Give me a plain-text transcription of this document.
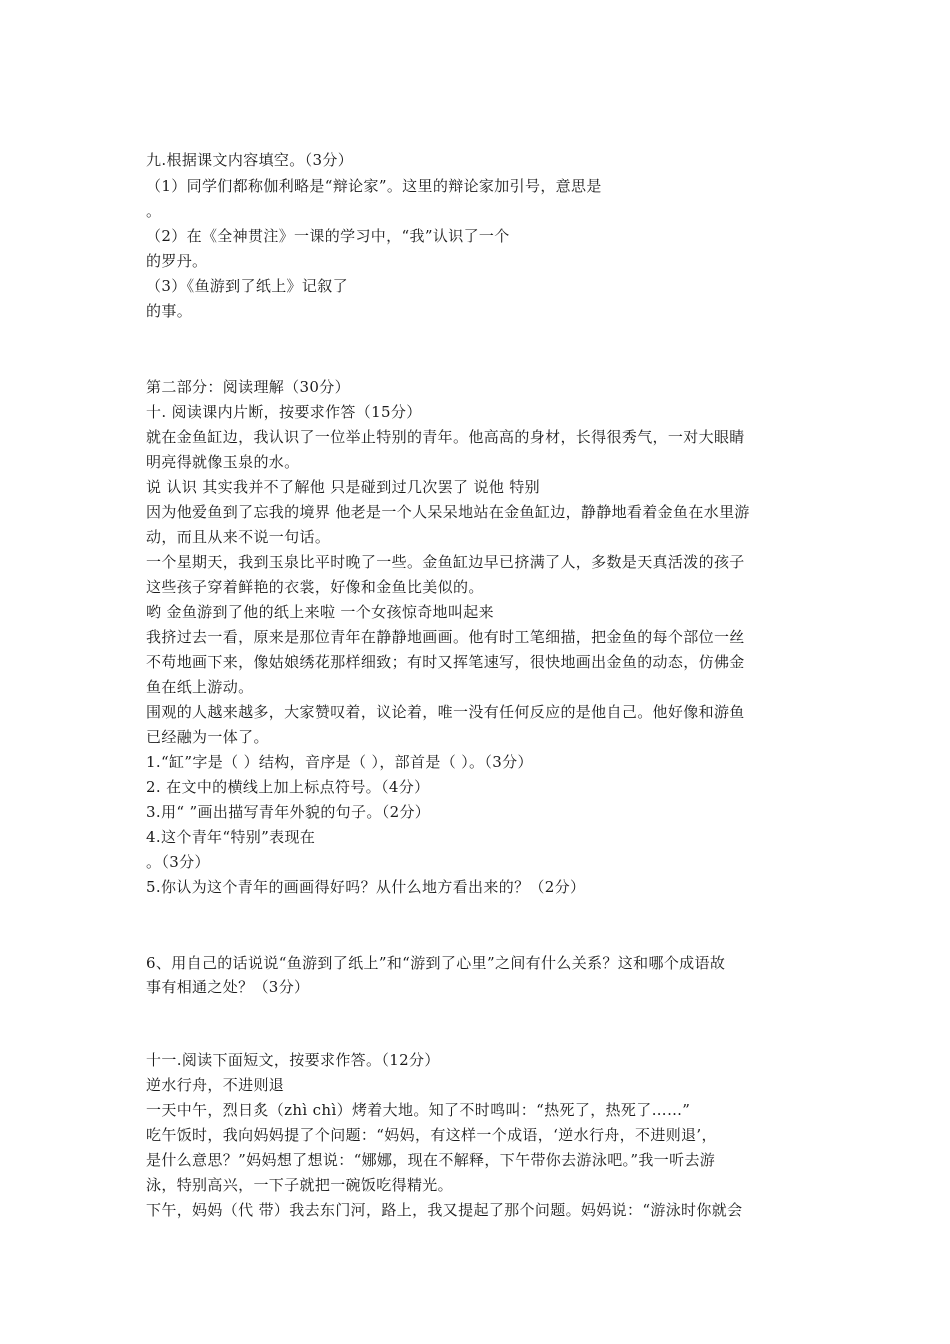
九.根据课文内容填空。（3分）
（1）同学们都称伽利略是“辩论家”。这里的辩论家加引号，意思是
。
（2）在《全神贯注》一课的学习中，“我”认识了一个
的罗丹。
（3）《鱼游到了纸上》记叙了
的事。
第二部分：阅读理解（30分）
十. 阅读课内片断，按要求作答（15分）
就在金鱼缸边，我认识了一位举止特别的青年。他高高的身材，长得很秀气，一对大眼睛
明亮得就像玉泉的水。
说 认识 其实我并不了解他 只是碰到过几次罢了 说他 特别
因为他爱鱼到了忘我的境界 他老是一个人呆呆地站在金鱼缸边，静静地看着金鱼在水里游
动，而且从来不说一句话。
一个星期天，我到玉泉比平时晚了一些。金鱼缸边早已挤满了人，多数是天真活泼的孩子
这些孩子穿着鲜艳的衣裳，好像和金鱼比美似的。
哟 金鱼游到了他的纸上来啦 一个女孩惊奇地叫起来
我挤过去一看，原来是那位青年在静静地画画。他有时工笔细描，把金鱼的每个部位一丝
不苟地画下来，像姑娘绣花那样细致；有时又挥笔速写，很快地画出金鱼的动态，仿佛金
鱼在纸上游动。
围观的人越来越多，大家赞叹着，议论着，唯一没有任何反应的是他自己。他好像和游鱼
已经融为一体了。
1.“缸”字是（ ）结构，音序是（ ），部首是（ ）。（3分）
2. 在文中的横线上加上标点符号。（4分）
3.用“ ”画出描写青年外貌的句子。（2分）
4.这个青年“特别”表现在
。（3分）
5.你认为这个青年的画画得好吗？从什么地方看出来的？（2分）
6、用自己的话说说“鱼游到了纸上”和“游到了心里”之间有什么关系？这和哪个成语故
事有相通之处？（3分）
十一.阅读下面短文，按要求作答。（12分）
逆水行舟，不进则退
一天中午，烈日炙（zhì chì）烤着大地。知了不时鸣叫：“热死了，热死了……”
吃午饭时，我向妈妈提了个问题：“妈妈，有这样一个成语，‘逆水行舟，不进则退’，
是什么意思？”妈妈想了想说：“娜娜，现在不解释，下午带你去游泳吧。”我一听去游
泳，特别高兴，一下子就把一碗饭吃得精光。
下午，妈妈（代 带）我去东门河，路上，我又提起了那个问题。妈妈说：“游泳时你就会
